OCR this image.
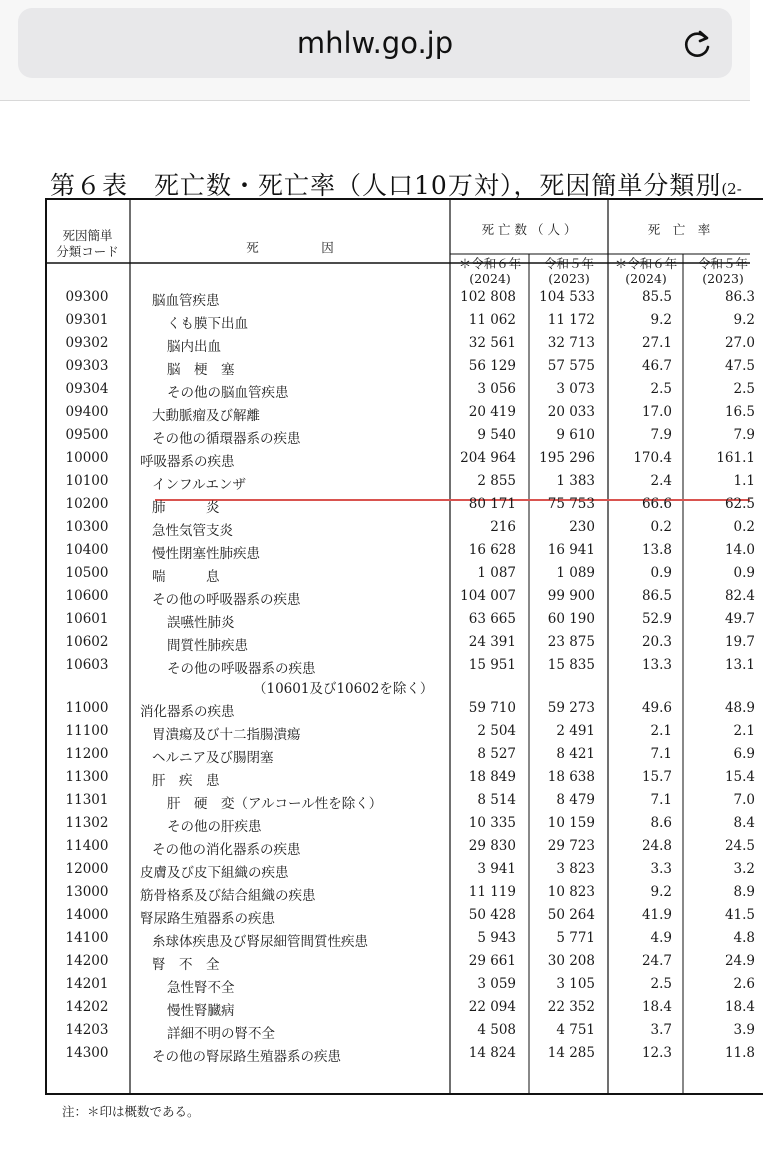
mhlw.go.jp
第６表　死亡数・死亡率（人口10万対），死因簡単分類別(2-
死因簡単
分類コード	死　　　　　因
死 亡 数 （ 人 ）	死　亡　率
＊令和６年
(2024)
令和５年
(2023)
＊令和６年
(2024)
令和５年
(2023)
09300	脳血管疾患	102 808	104 533	85.5	86.3
09301	くも膜下出血	11 062	11 172	9.2	9.2
09302	脳内出血	32 561	32 713	27.1	27.0
09303	脳　梗　塞	56 129	57 575	46.7	47.5
09304	その他の脳血管疾患	3 056	3 073	2.5	2.5
09400	大動脈瘤及び解離	20 419	20 033	17.0	16.5
09500	その他の循環器系の疾患	9 540	9 610	7.9	7.9
10000	呼吸器系の疾患	204 964	195 296	170.4	161.1
10100	インフルエンザ	2 855	1 383	2.4	1.1
10200	肺　　　炎	80 171	75 753	66.6	62.5
10300	急性気管支炎	216	230	0.2	0.2
10400	慢性閉塞性肺疾患	16 628	16 941	13.8	14.0
10500	喘　　　息	1 087	1 089	0.9	0.9
10600	その他の呼吸器系の疾患	104 007	99 900	86.5	82.4
10601	誤嚥性肺炎	63 665	60 190	52.9	49.7
10602	間質性肺疾患	24 391	23 875	20.3	19.7
10603	その他の呼吸器系の疾患
（10601及び10602を除く）
15 951	15 835	13.3	13.1
11000	消化器系の疾患	59 710	59 273	49.6	48.9
11100	胃潰瘍及び十二指腸潰瘍	2 504	2 491	2.1	2.1
11200	ヘルニア及び腸閉塞	8 527	8 421	7.1	6.9
11300	肝　疾　患	18 849	18 638	15.7	15.4
11301	肝　硬　変（アルコール性を除く）	8 514	8 479	7.1	7.0
11302	その他の肝疾患	10 335	10 159	8.6	8.4
11400	その他の消化器系の疾患	29 830	29 723	24.8	24.5
12000	皮膚及び皮下組織の疾患	3 941	3 823	3.3	3.2
13000	筋骨格系及び結合組織の疾患	11 119	10 823	9.2	8.9
14000	腎尿路生殖器系の疾患	50 428	50 264	41.9	41.5
14100	糸球体疾患及び腎尿細管間質性疾患	5 943	5 771	4.9	4.8
14200	腎　不　全	29 661	30 208	24.7	24.9
14201	急性腎不全	3 059	3 105	2.5	2.6
14202	慢性腎臓病	22 094	22 352	18.4	18.4
14203	詳細不明の腎不全	4 508	4 751	3.7	3.9
14300	その他の腎尿路生殖器系の疾患	14 824	14 285	12.3	11.8
注：＊印は概数である。
